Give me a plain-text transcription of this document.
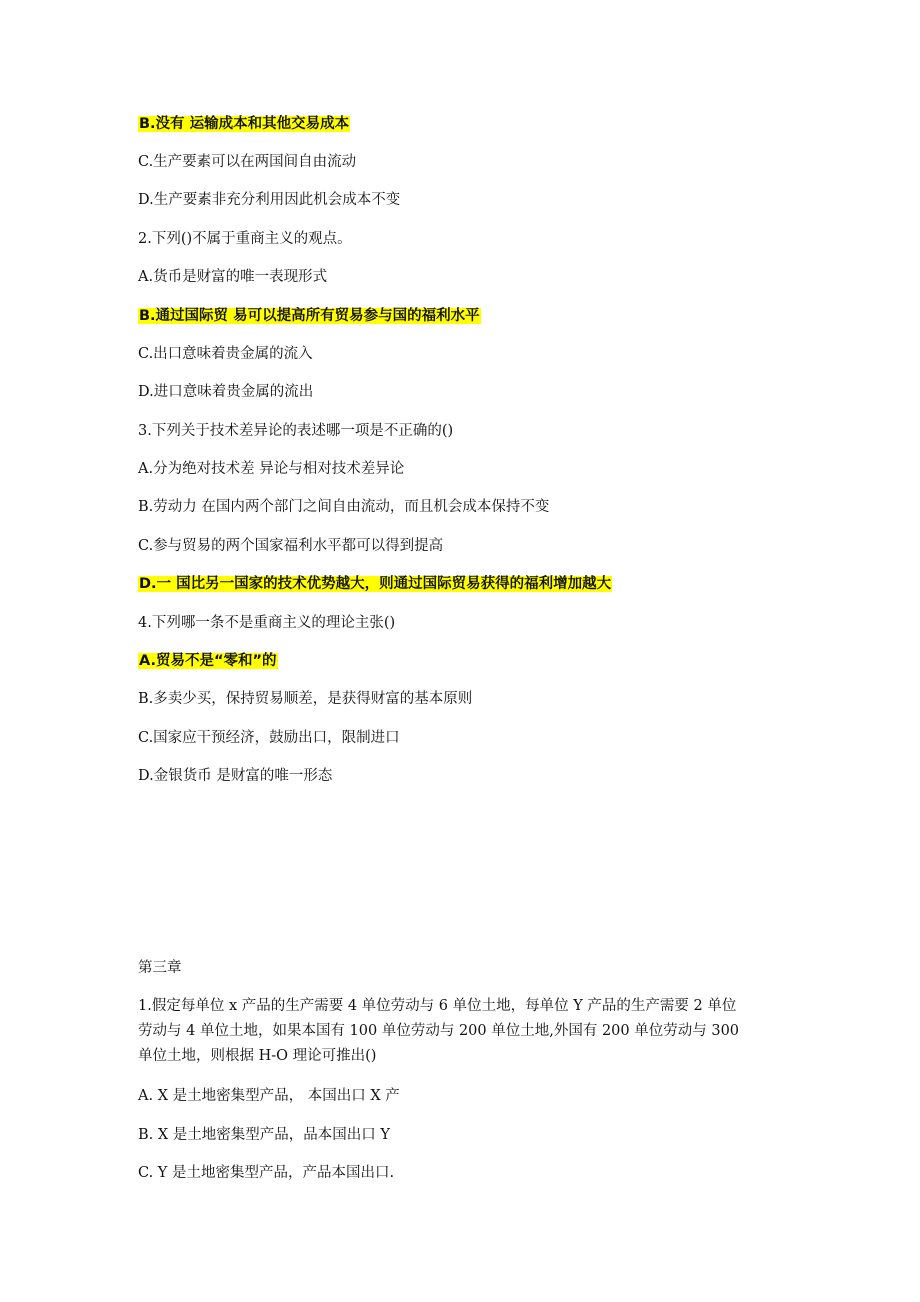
B.没有 运输成本和其他交易成本
C.生产要素可以在两国间自由流动
D.生产要素非充分利用因此机会成本不变
2.下列()不属于重商主义的观点。
A.货币是财富的唯一表现形式
B.通过国际贸 易可以提高所有贸易参与国的福利水平
C.出口意味着贵金属的流入
D.进口意味着贵金属的流出
3.下列关于技术差异论的表述哪一项是不正确的()
A.分为绝对技术差 异论与相对技术差异论
B.劳动力 在国内两个部门之间自由流动，而且机会成本保持不变
C.参与贸易的两个国家福利水平都可以得到提高
D.一 国比另一国家的技术优势越大，则通过国际贸易获得的福利增加越大
4.下列哪一条不是重商主义的理论主张()
A.贸易不是“零和”的
B.多卖少买，保持贸易顺差，是获得财富的基本原则
C.国家应干预经济，鼓励出口，限制进口
D.金银货币 是财富的唯一形态
第三章
1.假定每单位 x 产品的生产需要 4 单位劳动与 6 单位土地，每单位 Y 产品的生产需要 2 单位
劳动与 4 单位土地，如果本国有 100 单位劳动与 200 单位土地,外国有 200 单位劳动与 300
单位土地，则根据 H-O 理论可推出()
A. X 是土地密集型产品， 本国出口 X 产
B. X 是土地密集型产品，品本国出口 Y
C. Y 是土地密集型产品，产品本国出口.
